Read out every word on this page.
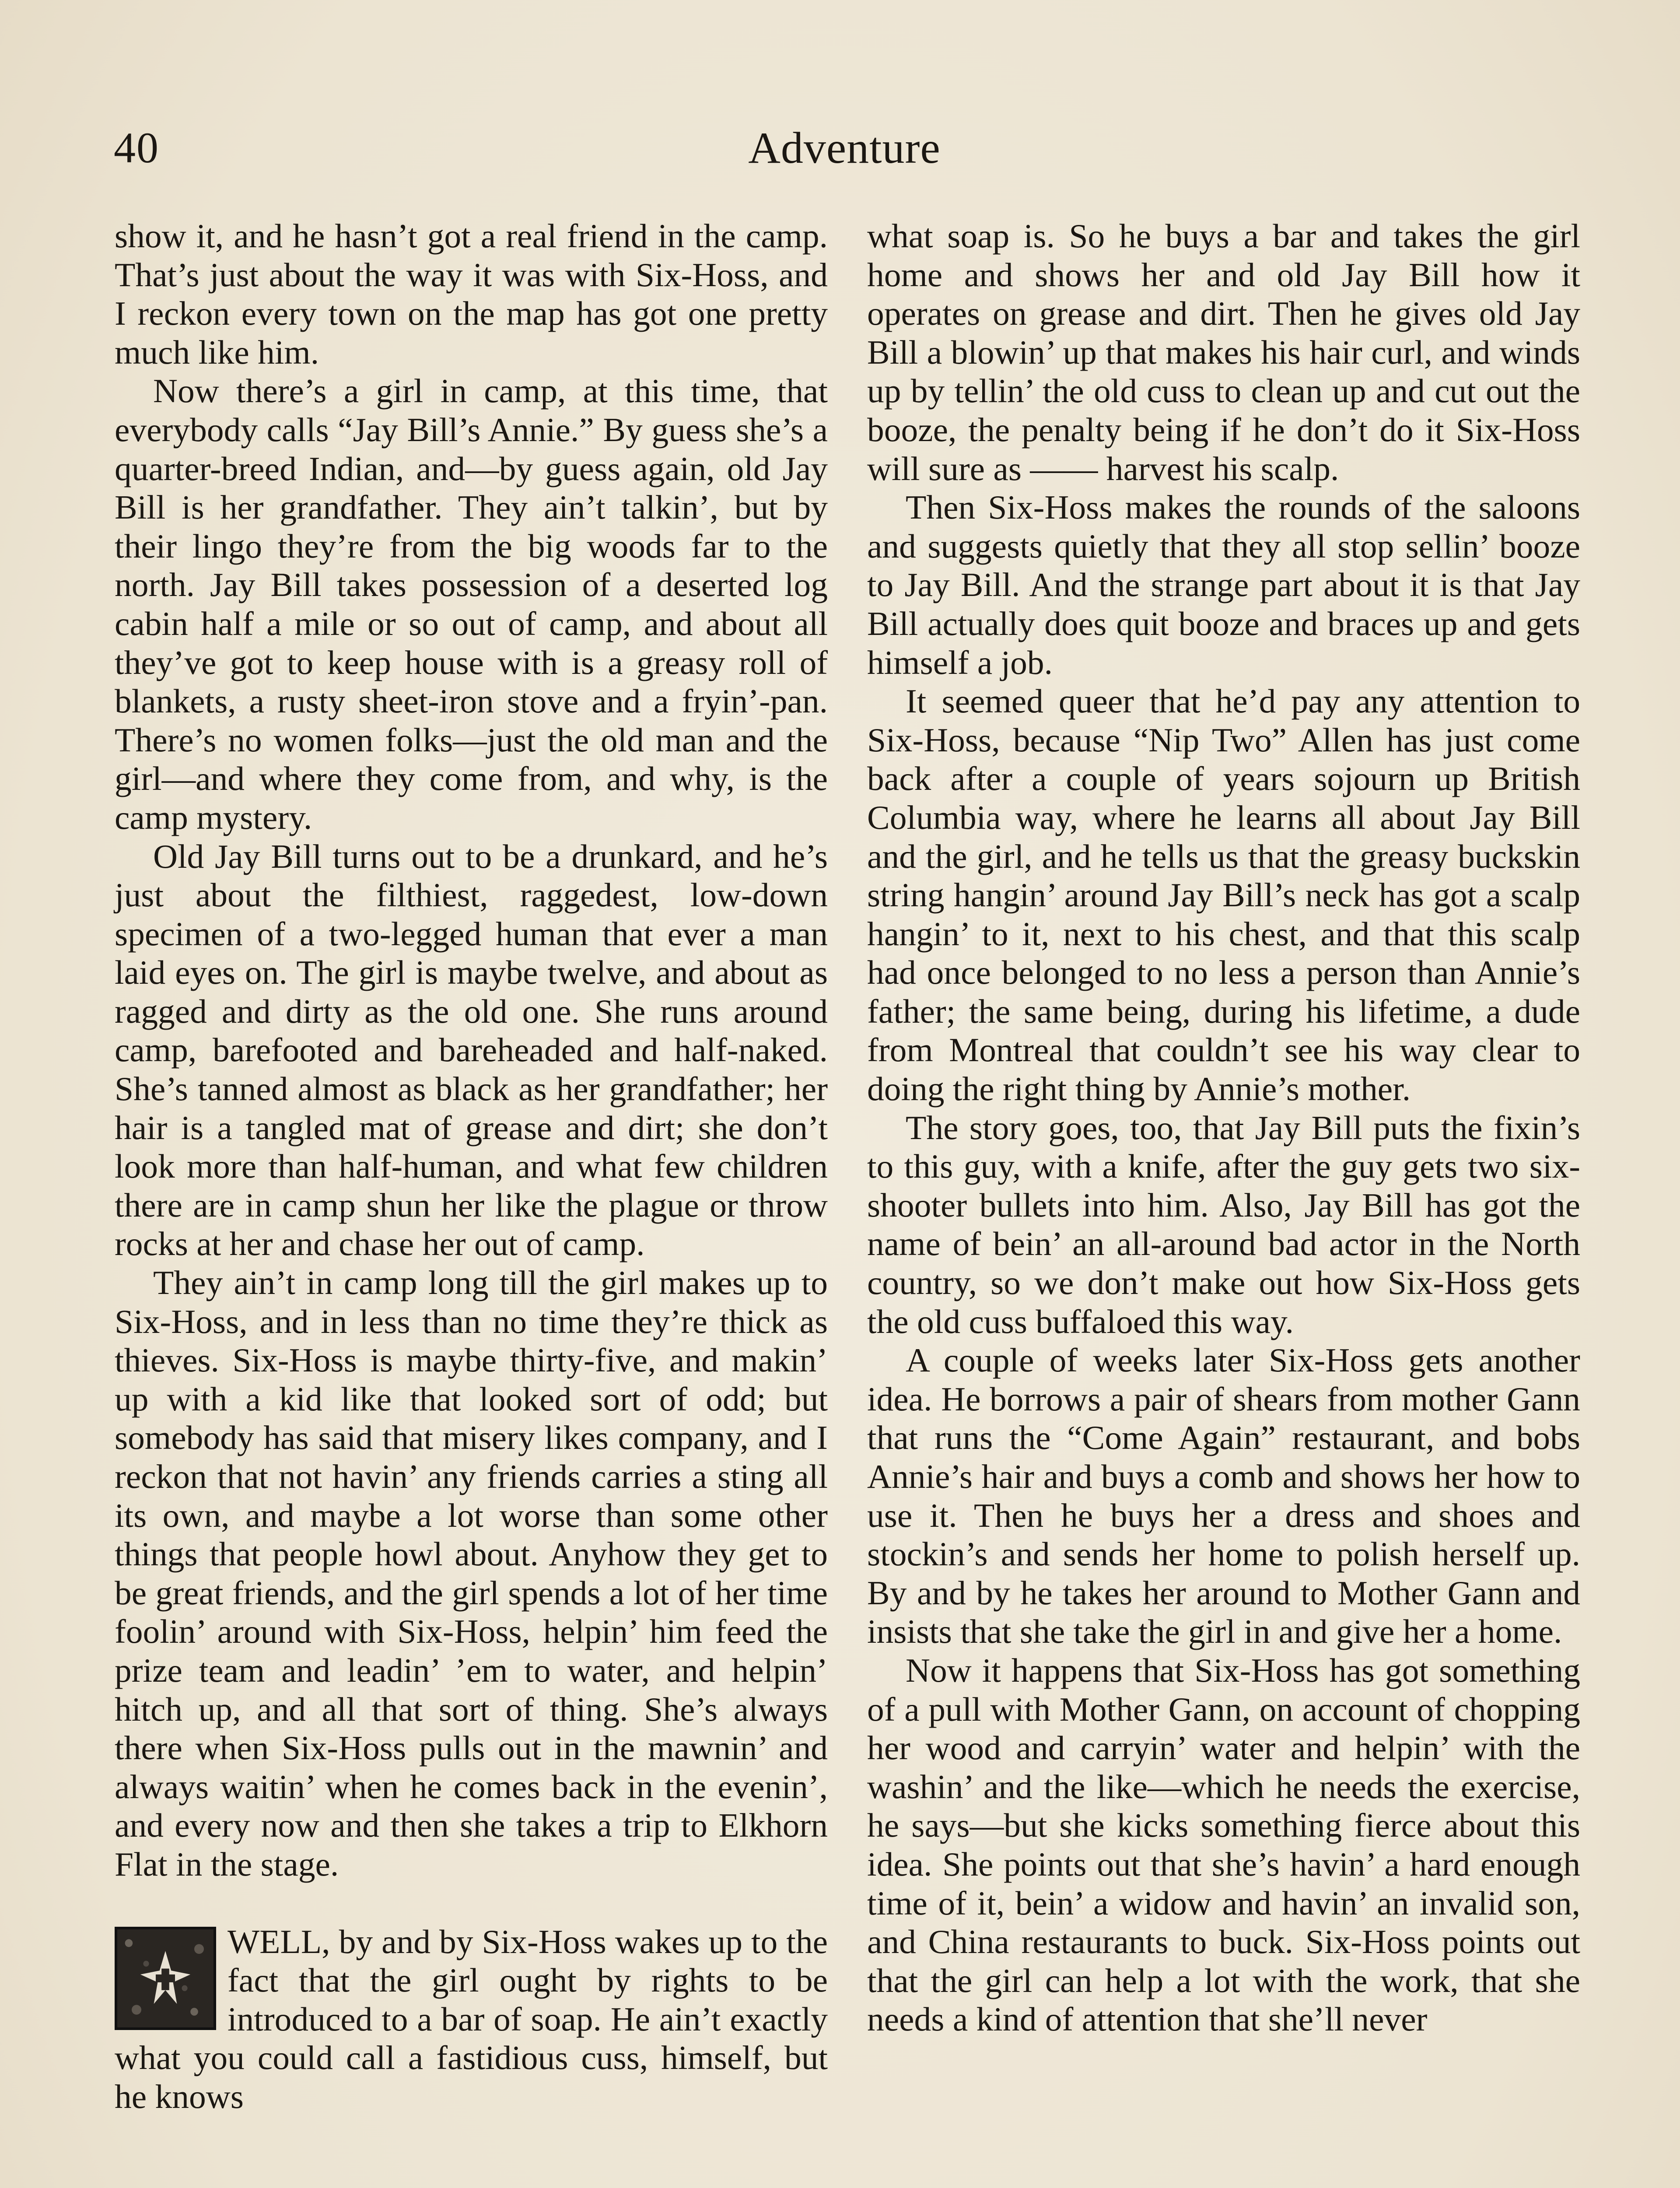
40	Adventure

show it, and he hasn’t got a real friend in the camp. That’s just about the way it was with Six-Hoss, and I reckon every town on the map has got one pretty much like him.

Now there’s a girl in camp, at this time, that everybody calls “Jay Bill’s Annie.” By guess she’s a quarter-breed Indian, and—by guess again, old Jay Bill is her grandfather. They ain’t talkin’, but by their lingo they’re from the big woods far to the north. Jay Bill takes possession of a deserted log cabin half a mile or so out of camp, and about all they’ve got to keep house with is a greasy roll of blankets, a rusty sheet-iron stove and a fryin’-pan. There’s no women folks—just the old man and the girl—and where they come from, and why, is the camp mystery.

Old Jay Bill turns out to be a drunkard, and he’s just about the filthiest, raggedest, low-down specimen of a two-legged human that ever a man laid eyes on. The girl is maybe twelve, and about as ragged and dirty as the old one. She runs around camp, barefooted and bareheaded and half-naked. She’s tanned almost as black as her grandfather; her hair is a tangled mat of grease and dirt; she don’t look more than half-human, and what few children there are in camp shun her like the plague or throw rocks at her and chase her out of camp.

They ain’t in camp long till the girl makes up to Six-Hoss, and in less than no time they’re thick as thieves. Six-Hoss is maybe thirty-five, and makin’ up with a kid like that looked sort of odd; but somebody has said that misery likes company, and I reckon that not havin’ any friends carries a sting all its own, and maybe a lot worse than some other things that people howl about. Anyhow they get to be great friends, and the girl spends a lot of her time foolin’ around with Six-Hoss, helpin’ him feed the prize team and leadin’ ’em to water, and helpin’ hitch up, and all that sort of thing. She’s always there when Six-Hoss pulls out in the mawnin’ and always waitin’ when he comes back in the evenin’, and every now and then she takes a trip to Elkhorn Flat in the stage.

WELL, by and by Six-Hoss wakes up to the fact that the girl ought by rights to be introduced to a bar of soap. He ain’t exactly what you could call a fastidious cuss, himself, but he knows

what soap is. So he buys a bar and takes the girl home and shows her and old Jay Bill how it operates on grease and dirt. Then he gives old Jay Bill a blowin’ up that makes his hair curl, and winds up by tellin’ the old cuss to clean up and cut out the booze, the penalty being if he don’t do it Six-Hoss will sure as —— harvest his scalp.

Then Six-Hoss makes the rounds of the saloons and suggests quietly that they all stop sellin’ booze to Jay Bill. And the strange part about it is that Jay Bill actually does quit booze and braces up and gets himself a job.

It seemed queer that he’d pay any attention to Six-Hoss, because “Nip Two” Allen has just come back after a couple of years sojourn up British Columbia way, where he learns all about Jay Bill and the girl, and he tells us that the greasy buckskin string hangin’ around Jay Bill’s neck has got a scalp hangin’ to it, next to his chest, and that this scalp had once belonged to no less a person than Annie’s father; the same being, during his lifetime, a dude from Montreal that couldn’t see his way clear to doing the right thing by Annie’s mother.

The story goes, too, that Jay Bill puts the fixin’s to this guy, with a knife, after the guy gets two six-shooter bullets into him. Also, Jay Bill has got the name of bein’ an all-around bad actor in the North country, so we don’t make out how Six-Hoss gets the old cuss buffaloed this way.

A couple of weeks later Six-Hoss gets another idea. He borrows a pair of shears from mother Gann that runs the “Come Again” restaurant, and bobs Annie’s hair and buys a comb and shows her how to use it. Then he buys her a dress and shoes and stockin’s and sends her home to polish herself up. By and by he takes her around to Mother Gann and insists that she take the girl in and give her a home.

Now it happens that Six-Hoss has got something of a pull with Mother Gann, on account of chopping her wood and carryin’ water and helpin’ with the washin’ and the like—which he needs the exercise, he says—but she kicks something fierce about this idea. She points out that she’s havin’ a hard enough time of it, bein’ a widow and havin’ an invalid son, and China restaurants to buck. Six-Hoss points out that the girl can help a lot with the work, that she needs a kind of attention that she’ll never
